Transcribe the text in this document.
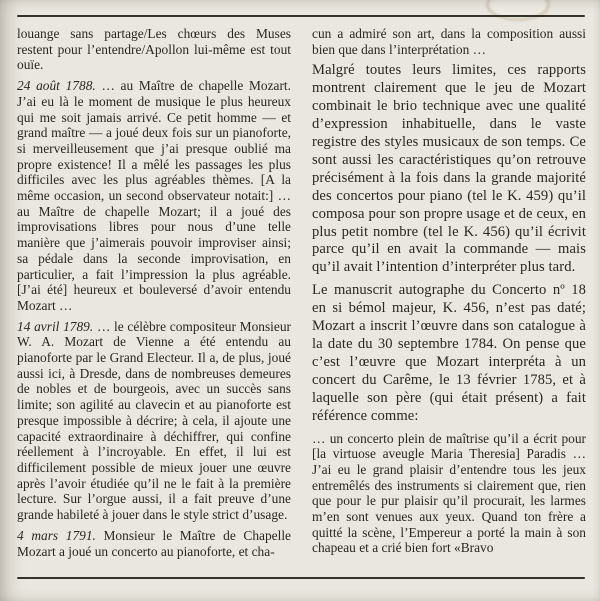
louange sans partage/Les chœurs des Muses restent pour l’entendre/Apollon lui-même est tout ouïe.

24 août 1788. … au Maître de chapelle Mozart. J’ai eu là le moment de musique le plus heureux qui me soit jamais arrivé. Ce petit homme — et grand maître — a joué deux fois sur un pianoforte, si merveilleusement que j’ai presque oublié ma propre existence! Il a mêlé les passages les plus difficiles avec les plus agréables thèmes. [A la même occasion, un second observateur notait:] … au Maître de chapelle Mozart; il a joué des improvisations libres pour nous d’une telle manière que j’aimerais pouvoir improviser ainsi; sa pédale dans la seconde improvisation, en particulier, a fait l’impression la plus agréable. [J’ai été] heureux et bouleversé d’avoir entendu Mozart …

14 avril 1789. … le célèbre compositeur Monsieur W. A. Mozart de Vienne a été entendu au pianoforte par le Grand Electeur. Il a, de plus, joué aussi ici, à Dresde, dans de nombreuses demeures de nobles et de bourgeois, avec un succès sans limite; son agilité au clavecin et au pianoforte est presque impossible à décrire; à cela, il ajoute une capacité extraordinaire à déchiffrer, qui confine réellement à l’incroyable. En effet, il lui est difficilement possible de mieux jouer une œuvre après l’avoir étudiée qu’il ne le fait à la première lecture. Sur l’orgue aussi, il a fait preuve d’une grande habileté à jouer dans le style strict d’usage.

4 mars 1791. Monsieur le Maître de Chapelle Mozart a joué un concerto au pianoforte, et cha-

cun a admiré son art, dans la composition aussi bien que dans l’interprétation …

Malgré toutes leurs limites, ces rapports montrent clairement que le jeu de Mozart combinait le brio technique avec une qualité d’expression inhabituelle, dans le vaste registre des styles musicaux de son temps. Ce sont aussi les caractéristiques qu’on retrouve précisément à la fois dans la grande majorité des concertos pour piano (tel le K. 459) qu’il composa pour son propre usage et de ceux, en plus petit nombre (tel le K. 456) qu’il écrivit parce qu’il en avait la commande — mais qu’il avait l’intention d’interpréter plus tard.

Le manuscrit autographe du Concerto nº 18 en si bémol majeur, K. 456, n’est pas daté; Mozart a inscrit l’œuvre dans son catalogue à la date du 30 septembre 1784. On pense que c’est l’œuvre que Mozart interpréta à un concert du Carême, le 13 février 1785, et à laquelle son père (qui était présent) a fait référence comme:

… un concerto plein de maîtrise qu’il a écrit pour [la virtuose aveugle Maria Theresia] Paradis … J’ai eu le grand plaisir d’entendre tous les jeux entremêlés des instruments si clairement que, rien que pour le pur plaisir qu’il procurait, les larmes m’en sont venues aux yeux. Quand ton frère a quitté la scène, l’Empereur a porté la main à son chapeau et a crié bien fort «Bravo
